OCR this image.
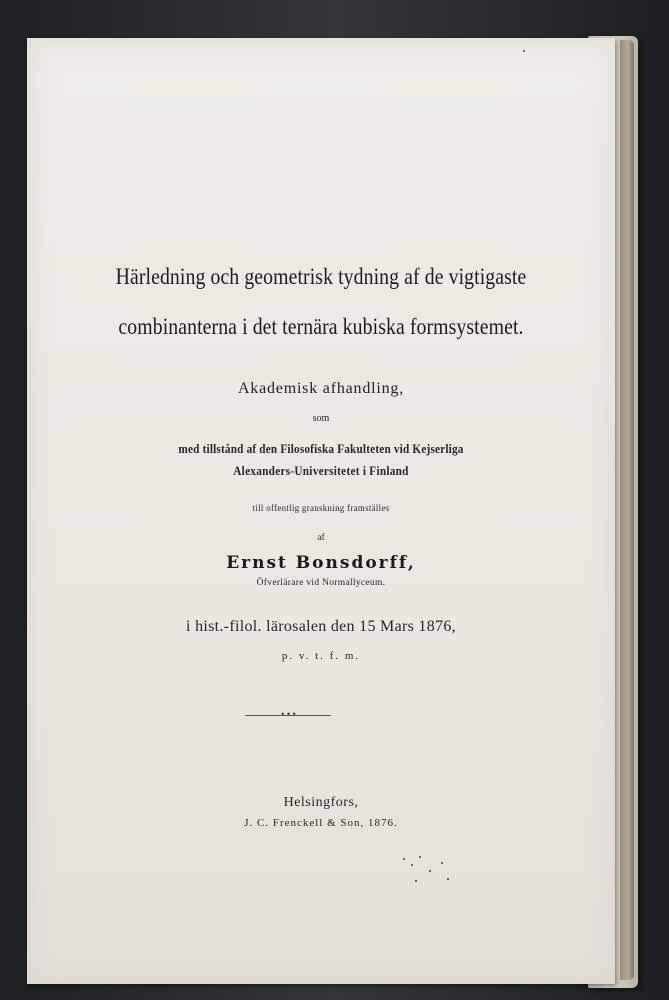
Härledning och geometrisk tydning af de vigtigaste
combinanterna i det ternära kubiska formsystemet.
Akademisk afhandling,
som
med tillstånd af den Filosofiska Fakulteten vid Kejserliga
Alexanders-Universitetet i Finland
till offentlig granskning framställes
af
Ernst Bonsdorff,
Öfverlärare vid Normallyceum.
i hist.-filol. lärosalen den 15 Mars 1876,
p. v. t. f. m.
•••
Helsingfors,
J. C. Frenckell & Son, 1876.
